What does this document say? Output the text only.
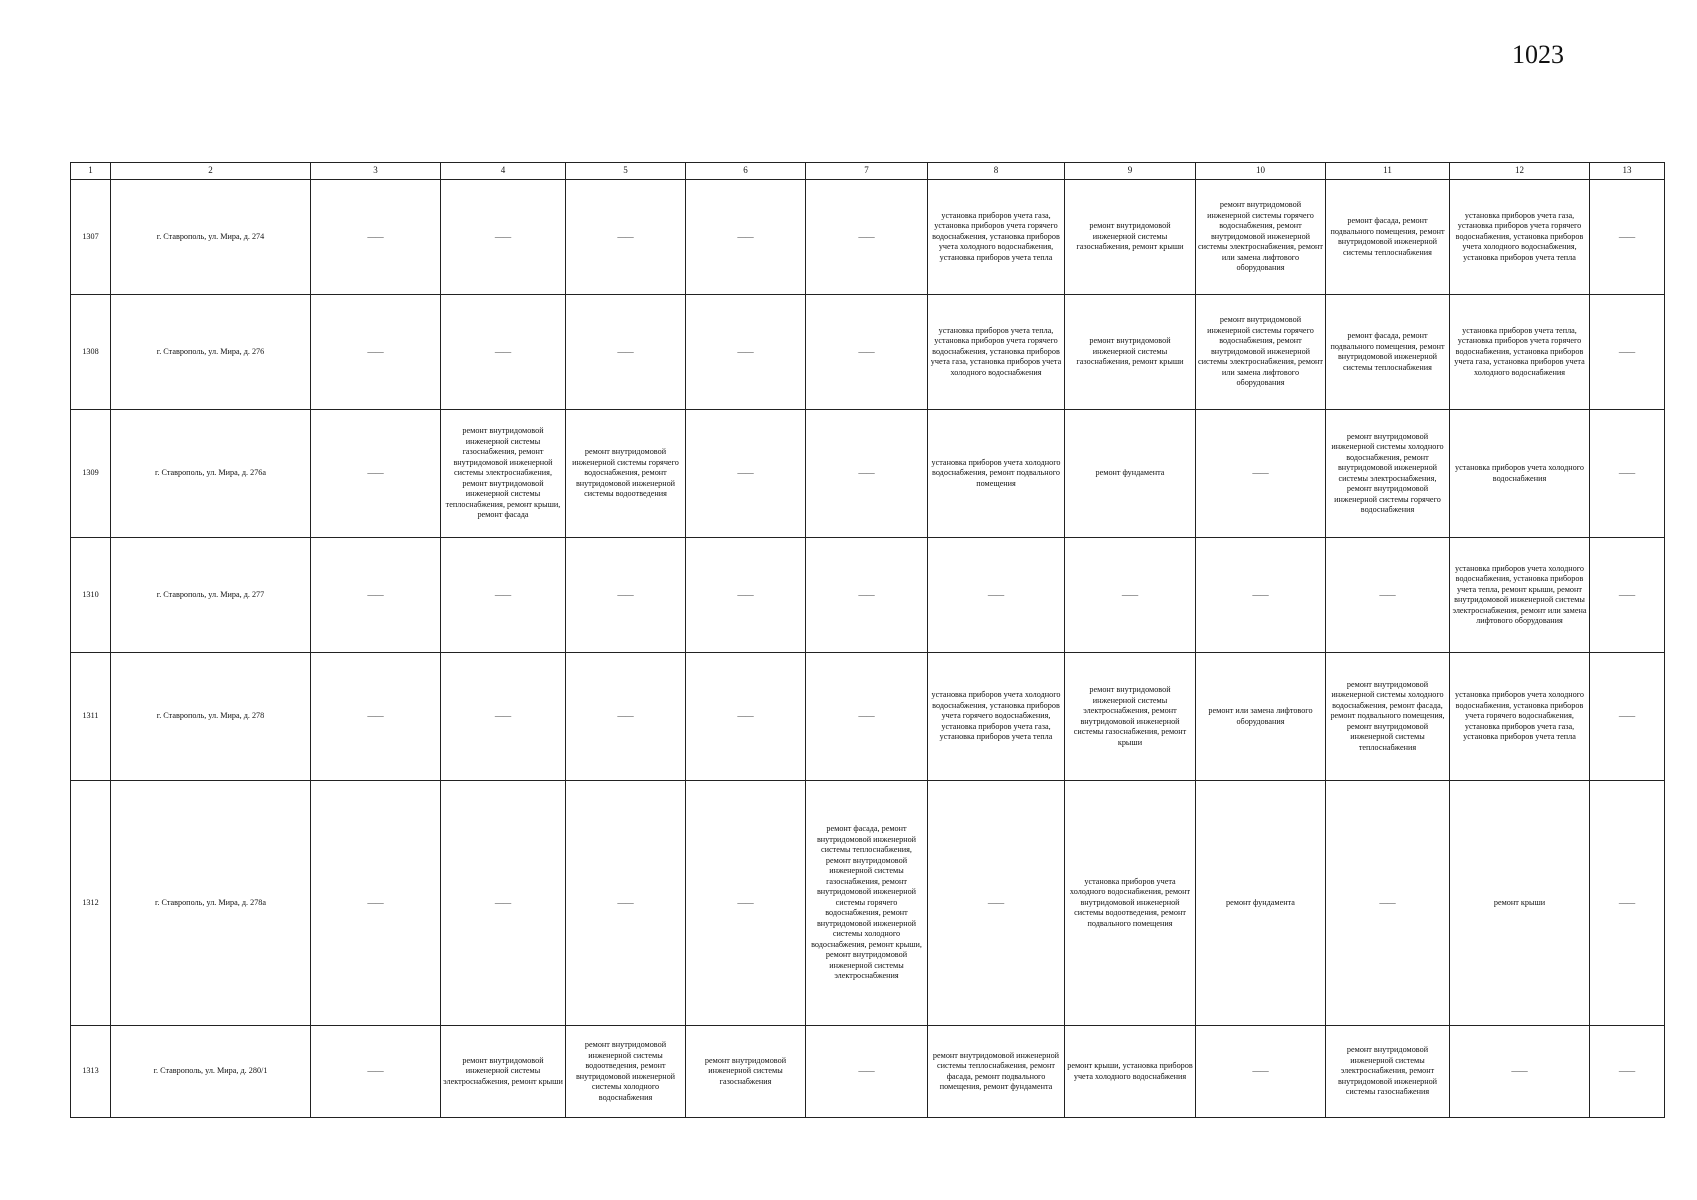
1023
1	2	3	4	5	6	7	8	9	10	11	12	13
1307	г. Ставрополь, ул. Мира, д. 274	——	——	——	——	——	установка приборов учета газа, установка приборов учета горячего водоснабжения, установка приборов учета холодного водоснабжения, установка приборов учета тепла	ремонт внутридомовой инженерной системы газоснабжения, ремонт крыши	ремонт внутридомовой инженерной системы горячего водоснабжения, ремонт внутридомовой инженерной системы электроснабжения, ремонт или замена лифтового оборудования	ремонт фасада, ремонт подвального помещения, ремонт внутридомовой инженерной системы теплоснабжения	установка приборов учета газа, установка приборов учета горячего водоснабжения, установка приборов учета холодного водоснабжения, установка приборов учета тепла	——
1308	г. Ставрополь, ул. Мира, д. 276	——	——	——	——	——	установка приборов учета тепла, установка приборов учета горячего водоснабжения, установка приборов учета газа, установка приборов учета холодного водоснабжения	ремонт внутридомовой инженерной системы газоснабжения, ремонт крыши	ремонт внутридомовой инженерной системы горячего водоснабжения, ремонт внутридомовой инженерной системы электроснабжения, ремонт или замена лифтового оборудования	ремонт фасада, ремонт подвального помещения, ремонт внутридомовой инженерной системы теплоснабжения	установка приборов учета тепла, установка приборов учета горячего водоснабжения, установка приборов учета газа, установка приборов учета холодного водоснабжения	——
1309	г. Ставрополь, ул. Мира, д. 276а	——	ремонт внутридомовой инженерной системы газоснабжения, ремонт внутридомовой инженерной системы электроснабжения, ремонт внутридомовой инженерной системы теплоснабжения, ремонт крыши, ремонт фасада	ремонт внутридомовой инженерной системы горячего водоснабжения, ремонт внутридомовой инженерной системы водоотведения	——	——	установка приборов учета холодного водоснабжения, ремонт подвального помещения	ремонт фундамента	——	ремонт внутридомовой инженерной системы холодного водоснабжения, ремонт внутридомовой инженерной системы электроснабжения, ремонт внутридомовой инженерной системы горячего водоснабжения	установка приборов учета холодного водоснабжения	——
1310	г. Ставрополь, ул. Мира, д. 277	——	——	——	——	——	——	——	——	——	установка приборов учета холодного водоснабжения, установка приборов учета тепла, ремонт крыши, ремонт внутридомовой инженерной системы электроснабжения, ремонт или замена лифтового оборудования	——
1311	г. Ставрополь, ул. Мира, д. 278	——	——	——	——	——	установка приборов учета холодного водоснабжения, установка приборов учета горячего водоснабжения, установка приборов учета газа, установка приборов учета тепла	ремонт внутридомовой инженерной системы электроснабжения, ремонт внутридомовой инженерной системы газоснабжения, ремонт крыши	ремонт или замена лифтового оборудования	ремонт внутридомовой инженерной системы холодного водоснабжения, ремонт фасада, ремонт подвального помещения, ремонт внутридомовой инженерной системы теплоснабжения	установка приборов учета холодного водоснабжения, установка приборов учета горячего водоснабжения, установка приборов учета газа, установка приборов учета тепла	——
1312	г. Ставрополь, ул. Мира, д. 278а	——	——	——	——	ремонт фасада, ремонт внутридомовой инженерной системы теплоснабжения, ремонт внутридомовой инженерной системы газоснабжения, ремонт внутридомовой инженерной системы горячего водоснабжения, ремонт внутридомовой инженерной системы холодного водоснабжения, ремонт крыши, ремонт внутридомовой инженерной системы электроснабжения	——	установка приборов учета холодного водоснабжения, ремонт внутридомовой инженерной системы водоотведения, ремонт подвального помещения	ремонт фундамента	——	ремонт крыши	——
1313	г. Ставрополь, ул. Мира, д. 280/1	——	ремонт внутридомовой инженерной системы электроснабжения, ремонт крыши	ремонт внутридомовой инженерной системы водоотведения, ремонт внутридомовой инженерной системы холодного водоснабжения	ремонт внутридомовой инженерной системы газоснабжения	——	ремонт внутридомовой инженерной системы теплоснабжения, ремонт фасада, ремонт подвального помещения, ремонт фундамента	ремонт крыши, установка приборов учета холодного водоснабжения	——	ремонт внутридомовой инженерной системы электроснабжения, ремонт внутридомовой инженерной системы газоснабжения	——	——
